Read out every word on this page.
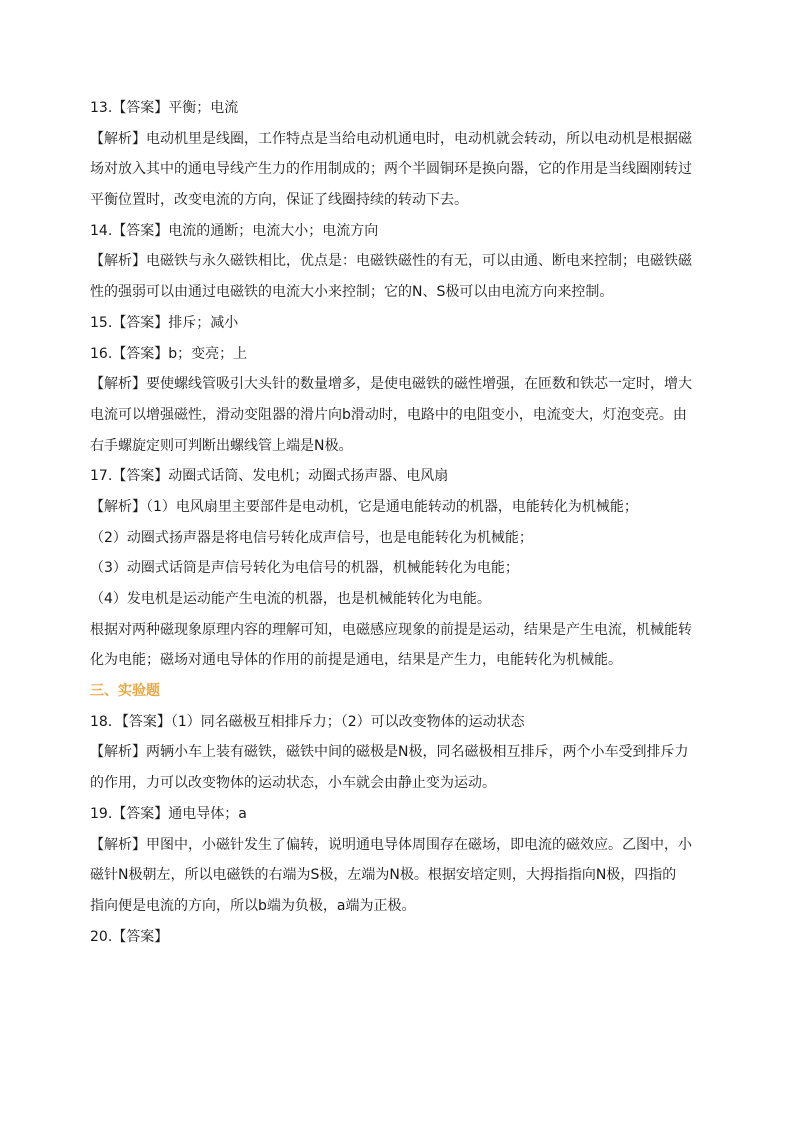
13.【答案】平衡；电流
【解析】电动机里是线圈，工作特点是当给电动机通电时，电动机就会转动，所以电动机是根据磁
场对放入其中的通电导线产生力的作用制成的；两个半圆铜环是换向器，它的作用是当线圈刚转过
平衡位置时，改变电流的方向，保证了线圈持续的转动下去。
14.【答案】电流的通断；电流大小；电流方向
【解析】电磁铁与永久磁铁相比，优点是：电磁铁磁性的有无，可以由通、断电来控制；电磁铁磁
性的强弱可以由通过电磁铁的电流大小来控制；它的N、S极可以由电流方向来控制。
15.【答案】排斥；减小
16.【答案】b；变亮；上
【解析】要使螺线管吸引大头针的数量增多，是使电磁铁的磁性增强，在匝数和铁芯一定时，增大
电流可以增强磁性，滑动变阻器的滑片向b滑动时，电路中的电阻变小，电流变大，灯泡变亮。由
右手螺旋定则可判断出螺线管上端是N极。
17.【答案】动圈式话筒、发电机；动圈式扬声器、电风扇
【解析】（1）电风扇里主要部件是电动机，它是通电能转动的机器，电能转化为机械能；
（2）动圈式扬声器是将电信号转化成声信号，也是电能转化为机械能；
（3）动圈式话筒是声信号转化为电信号的机器，机械能转化为电能；
（4）发电机是运动能产生电流的机器，也是机械能转化为电能。
根据对两种磁现象原理内容的理解可知，电磁感应现象的前提是运动，结果是产生电流，机械能转
化为电能；磁场对通电导体的作用的前提是通电，结果是产生力，电能转化为机械能。
三、实验题
18．【答案】（1）同名磁极互相排斥力；（2）可以改变物体的运动状态
【解析】两辆小车上装有磁铁，磁铁中间的磁极是N极，同名磁极相互排斥，两个小车受到排斥力
的作用，力可以改变物体的运动状态，小车就会由静止变为运动。
19.【答案】通电导体；a
【解析】甲图中，小磁针发生了偏转，说明通电导体周围存在磁场，即电流的磁效应。乙图中，小
磁针N极朝左，所以电磁铁的右端为S极，左端为N极。根据安培定则，大拇指指向N极，四指的
指向便是电流的方向，所以b端为负极，a端为正极。
20.【答案】
